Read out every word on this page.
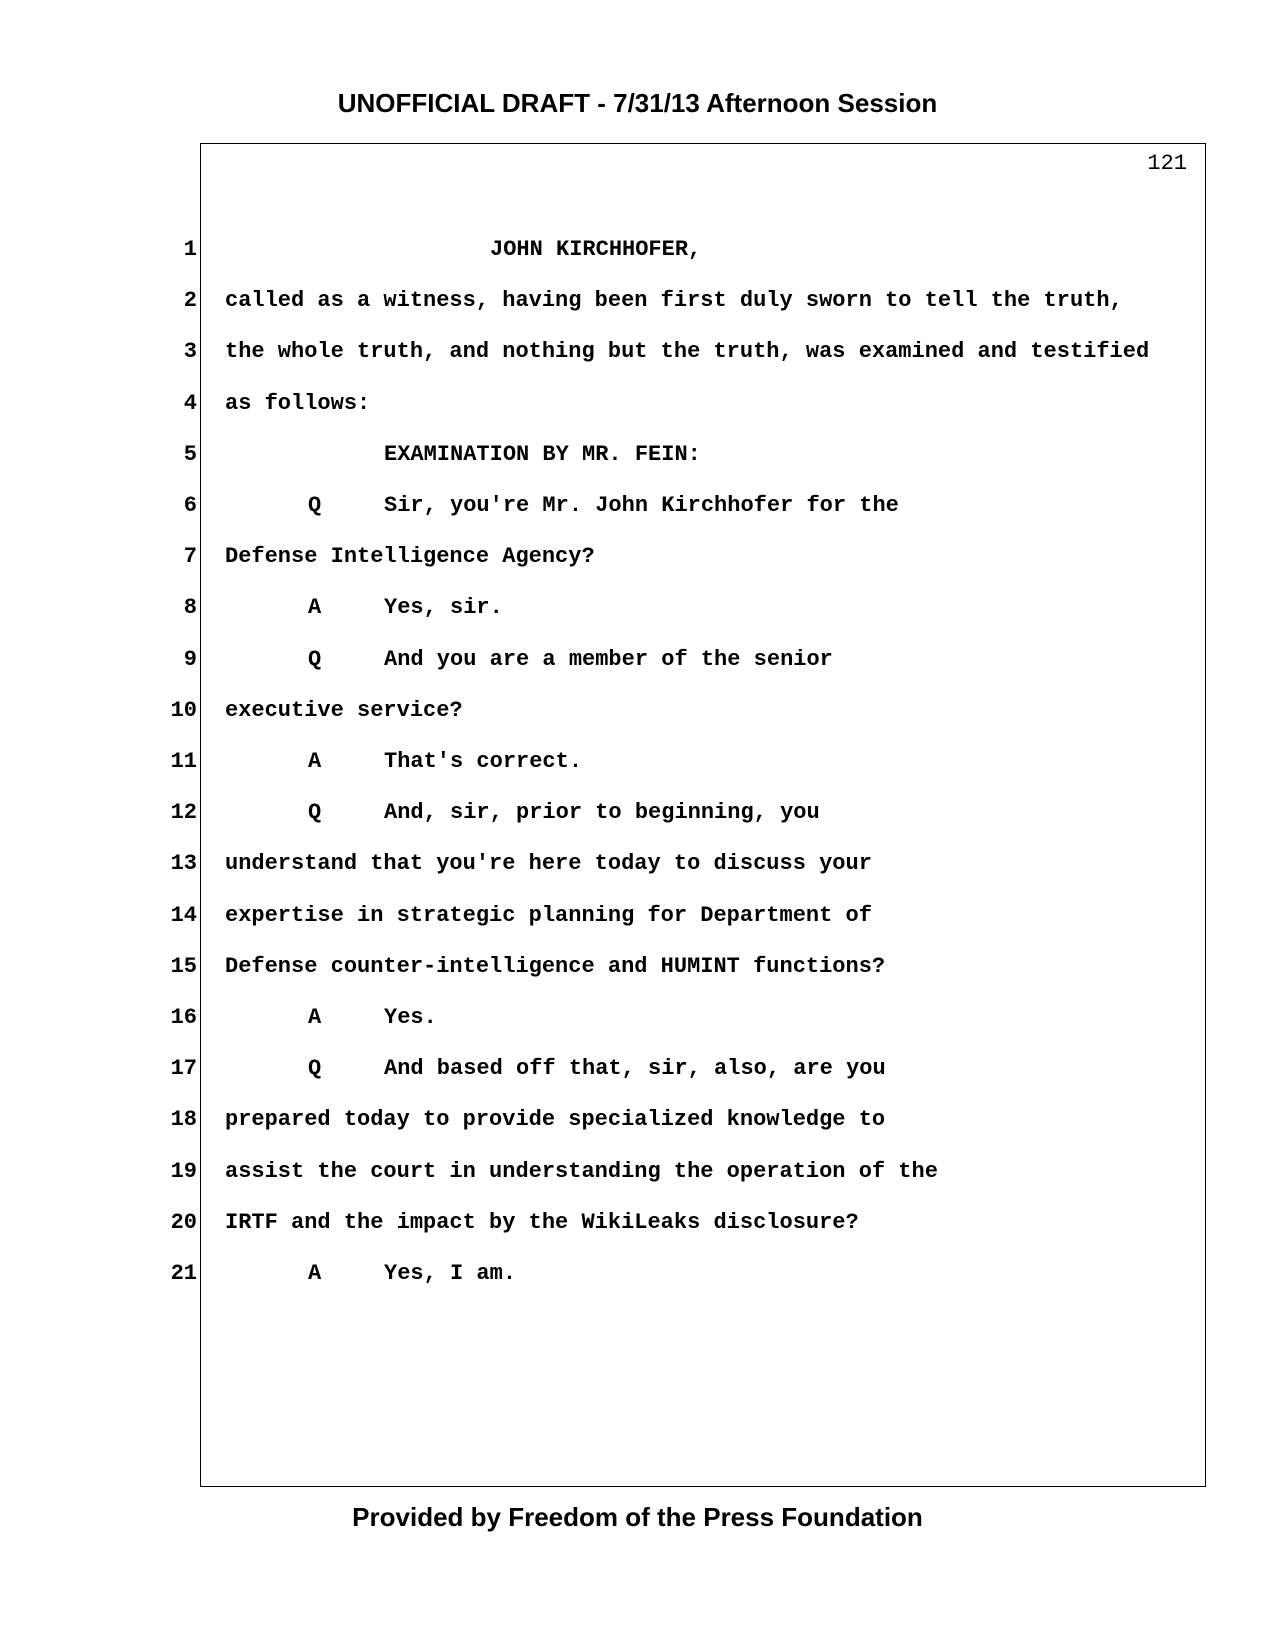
UNOFFICIAL DRAFT - 7/31/13 Afternoon Session
121
1	JOHN KIRCHHOFER,
2 called as a witness, having been first duly sworn to tell the truth,
3 the whole truth, and nothing but the truth, was examined and testified
4 as follows:
5	EXAMINATION BY MR. FEIN:
6	Q	Sir, you're Mr. John Kirchhofer for the
7 Defense Intelligence Agency?
8	A	Yes, sir.
9	Q	And you are a member of the senior
10 executive service?
11	A	That's correct.
12	Q	And, sir, prior to beginning, you
13 understand that you're here today to discuss your
14 expertise in strategic planning for Department of
15 Defense counter-intelligence and HUMINT functions?
16	A	Yes.
17	Q	And based off that, sir, also, are you
18 prepared today to provide specialized knowledge to
19 assist the court in understanding the operation of the
20 IRTF and the impact by the WikiLeaks disclosure?
21	A	Yes, I am.
Provided by Freedom of the Press Foundation
